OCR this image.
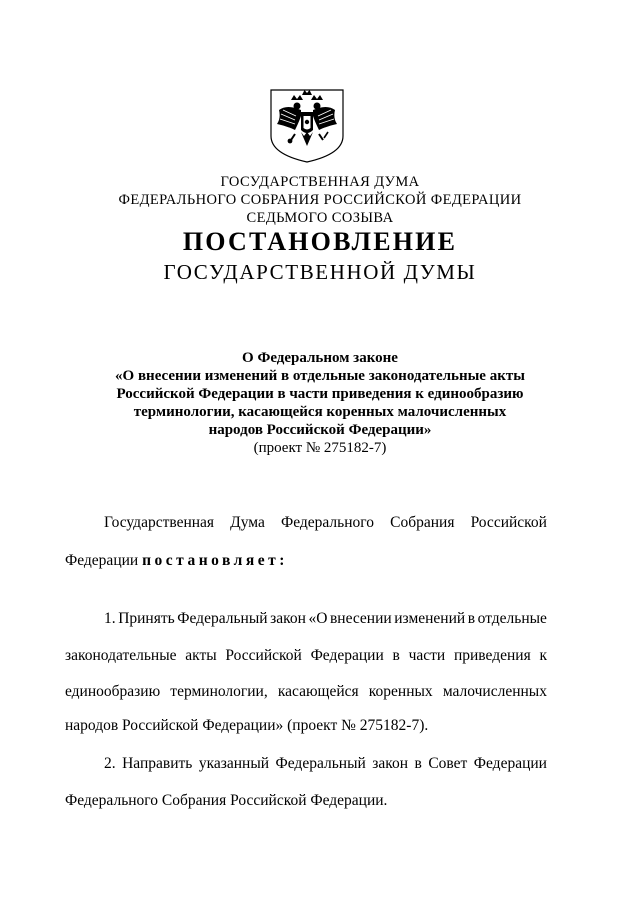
ГОСУДАРСТВЕННАЯ ДУМА
ФЕДЕРАЛЬНОГО СОБРАНИЯ РОССИЙСКОЙ ФЕДЕРАЦИИ
СЕДЬМОГО СОЗЫВА
ПОСТАНОВЛЕНИЕ
ГОСУДАРСТВЕННОЙ ДУМЫ
О Федеральном законе
«О внесении изменений в отдельные законодательные акты
Российской Федерации в части приведения к единообразию
терминологии, касающейся коренных малочисленных
народов Российской Федерации»
(проект № 275182-7)
Государственная Дума Федерального Собрания Российской
Федерации постановляет:
1. Принять Федеральный закон «О внесении изменений в отдельные
законодательные акты Российской Федерации в части приведения к
единообразию терминологии, касающейся коренных малочисленных
народов Российской Федерации» (проект № 275182-7).
2. Направить указанный Федеральный закон в Совет Федерации
Федерального Собрания Российской Федерации.
